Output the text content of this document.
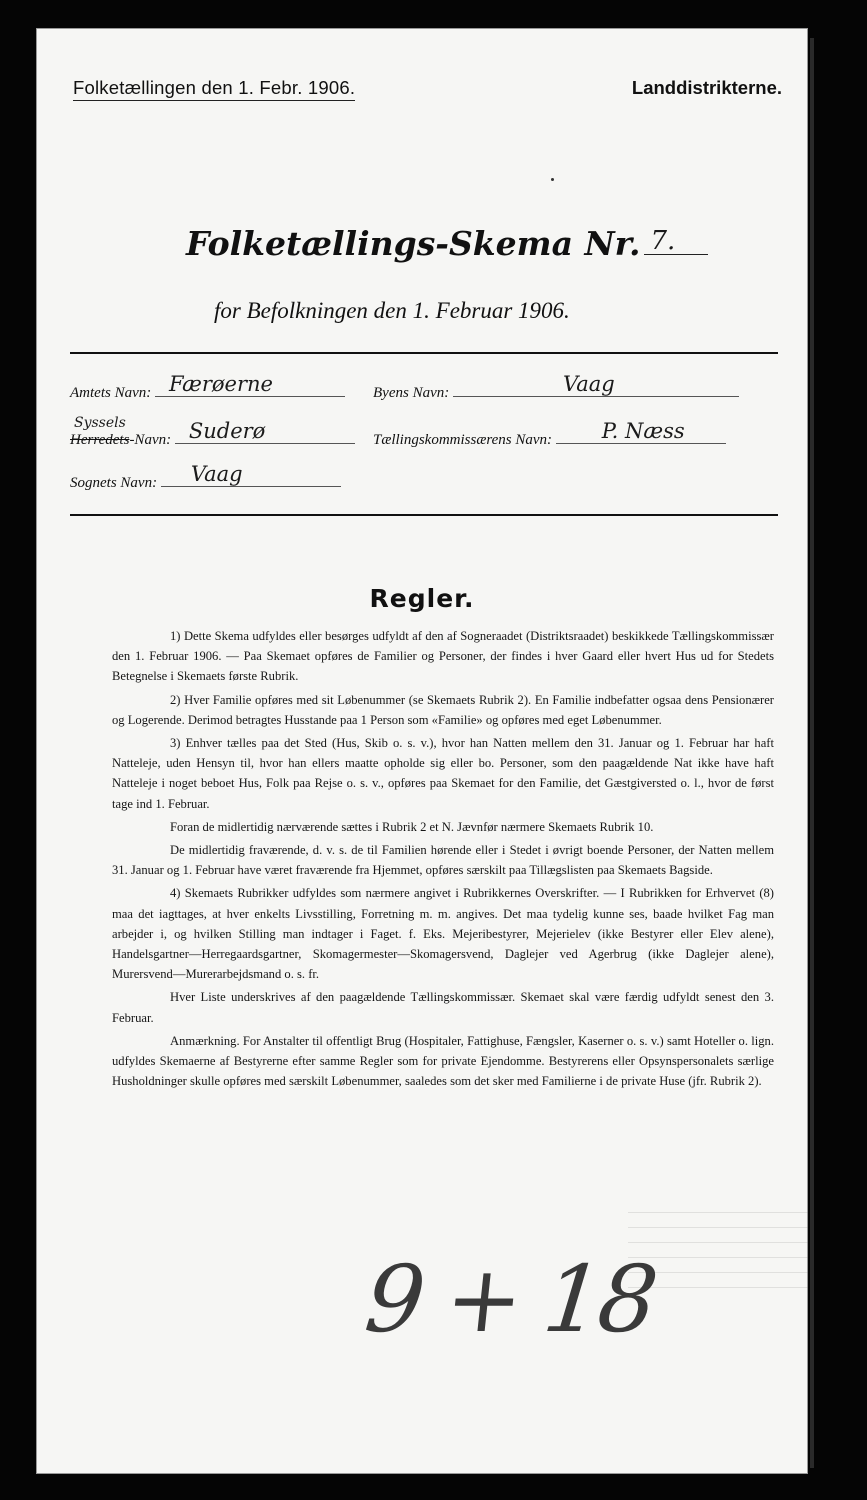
Folketællingen den 1. Febr. 1906.	Landdistrikterne.
Folketællings-Skema Nr. 7.
for Befolkningen den 1. Februar 1906.
Amtets Navn: Færøerne	Byens Navn:	Vaag
Syssels
Herredets-Navn: Suderø	Tællingskommissærens Navn: P. Næss
Sognets Navn: Vaag
Regler.

1) Dette Skema udfyldes eller besørges udfyldt af den af Sogneraadet (Distriktsraadet) beskikkede Tællingskommissær den 1. Februar 1906. — Paa Skemaet opføres de Familier og Personer, der findes i hver Gaard eller hvert Hus ud for Stedets Betegnelse i Skemaets første Rubrik.

2) Hver Familie opføres med sit Løbenummer (se Skemaets Rubrik 2). En Familie indbefatter ogsaa dens Pensionærer og Logerende. Derimod betragtes Husstande paa 1 Person som «Familie» og opføres med eget Løbenummer.

3) Enhver tælles paa det Sted (Hus, Skib o. s. v.), hvor han Natten mellem den 31. Januar og 1. Februar har haft Natteleje, uden Hensyn til, hvor han ellers maatte opholde sig eller bo. Personer, som den paagældende Nat ikke have haft Natteleje i noget beboet Hus, Folk paa Rejse o. s. v., opføres paa Skemaet for den Familie, det Gæstgiversted o. l., hvor de først tage ind 1. Februar.

Foran de midlertidig nærværende sættes i Rubrik 2 et N. Jævnfør nærmere Skemaets Rubrik 10.

De midlertidig fraværende, d. v. s. de til Familien hørende eller i Stedet i øvrigt boende Personer, der Natten mellem 31. Januar og 1. Februar have været fraværende fra Hjemmet, opføres særskilt paa Tillægslisten paa Skemaets Bagside.

4) Skemaets Rubrikker udfyldes som nærmere angivet i Rubrikkernes Overskrifter. — I Rubrikken for Erhvervet (8) maa det iagttages, at hver enkelts Livsstilling, Forretning m. m. angives. Det maa tydelig kunne ses, baade hvilket Fag man arbejder i, og hvilken Stilling man indtager i Faget. f. Eks. Mejeribestyrer, Mejerielev (ikke Bestyrer eller Elev alene), Handelsgartner—Herregaardsgartner, Skomagermester—Skomagersvend, Daglejer ved Agerbrug (ikke Daglejer alene), Murersvend—Murerarbejdsmand o. s. fr.

Hver Liste underskrives af den paagældende Tællingskommissær. Skemaet skal være færdig udfyldt senest den 3. Februar.

Anmærkning. For Anstalter til offentligt Brug (Hospitaler, Fattighuse, Fængsler, Kaserner o. s. v.) samt Hoteller o. lign. udfyldes Skemaerne af Bestyrerne efter samme Regler som for private Ejendomme. Bestyrerens eller Opsynspersonalets særlige Husholdninger skulle opføres med særskilt Løbenummer, saaledes som det sker med Familierne i de private Huse (jfr. Rubrik 2).

9 + 18
